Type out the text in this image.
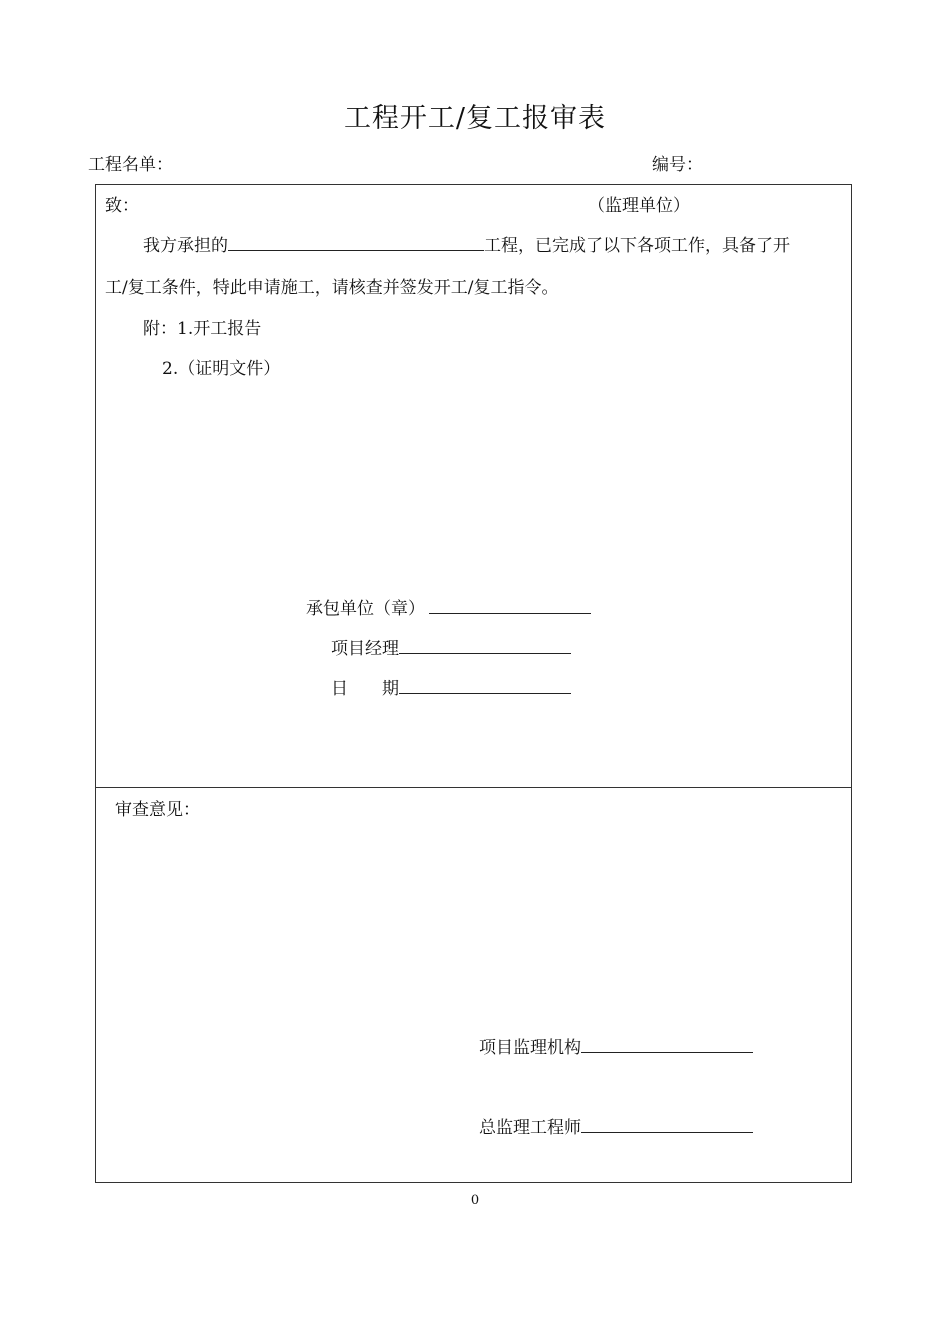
工程开工/复工报审表
工程名单：	编号：
致：	（监理单位）
我方承担的	工程，已完成了以下各项工作，具备了开
工/复工条件，特此申请施工，请核查并签发开工/复工指令。
附：1.开工报告
2.（证明文件）
承包单位（章）
项目经理
日　　期
审查意见：
项目监理机构
总监理工程师
0
